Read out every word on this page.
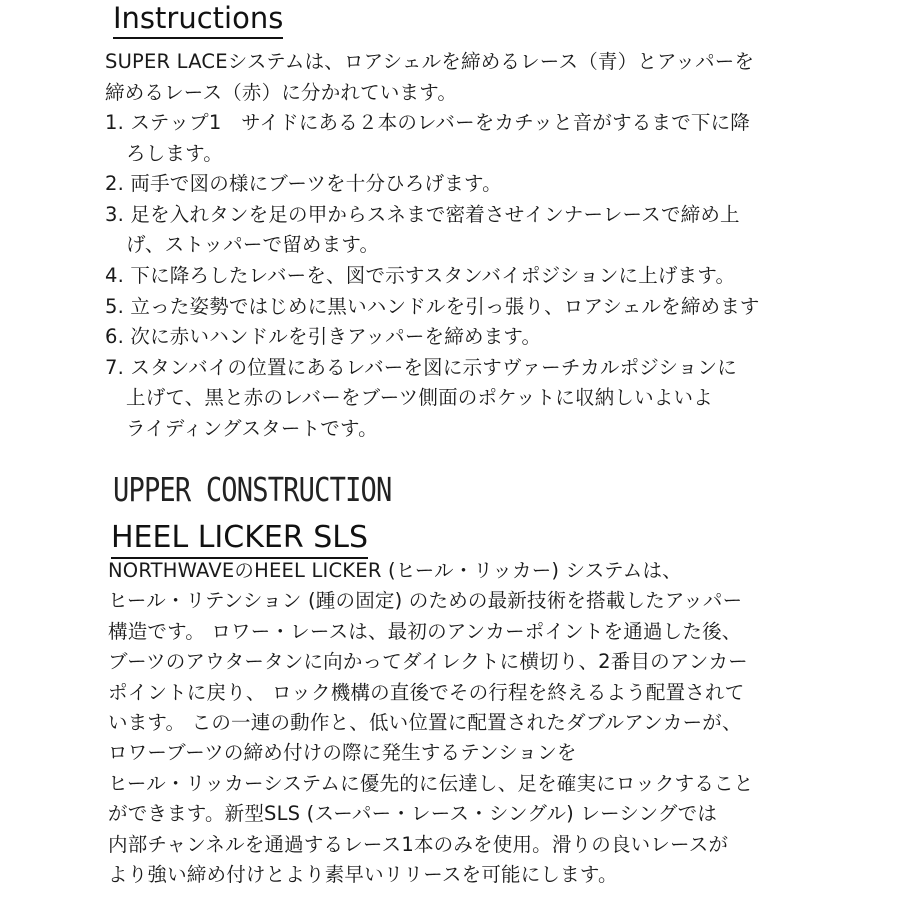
Instructions
SUPER LACEシステムは、ロアシェルを締めるレース（青）とアッパーを
締めるレース（赤）に分かれています。
1. ステップ1　サイドにある２本のレバーをカチッと音がするまで下に降
ろします。
2. 両手で図の様にブーツを十分ひろげます。
3. 足を入れタンを足の甲からスネまで密着させインナーレースで締め上
げ、ストッパーで留めます。
4. 下に降ろしたレバーを、図で示すスタンバイポジションに上げます。
5. 立った姿勢ではじめに黒いハンドルを引っ張り、ロアシェルを締めます
6. 次に赤いハンドルを引きアッパーを締めます。
7. スタンバイの位置にあるレバーを図に示すヴァーチカルポジションに
上げて、黒と赤のレバーをブーツ側面のポケットに収納しいよいよ
ライディングスタートです。
UPPER CONSTRUCTION
HEEL LICKER SLS
NORTHWAVEのHEEL LICKER (ヒール・リッカー) システムは、
ヒール・リテンション (踵の固定) のための最新技術を搭載したアッパー
構造です。 ロワー・レースは、最初のアンカーポイントを通過した後、
ブーツのアウタータンに向かってダイレクトに横切り、2番目のアンカー
ポイントに戻り、 ロック機構の直後でその行程を終えるよう配置されて
います。 この一連の動作と、低い位置に配置されたダブルアンカーが、
ロワーブーツの締め付けの際に発生するテンションを
ヒール・リッカーシステムに優先的に伝達し、足を確実にロックすること
ができます。新型SLS (スーパー・レース・シングル) レーシングでは
内部チャンネルを通過するレース1本のみを使用。滑りの良いレースが
より強い締め付けとより素早いリリースを可能にします。
